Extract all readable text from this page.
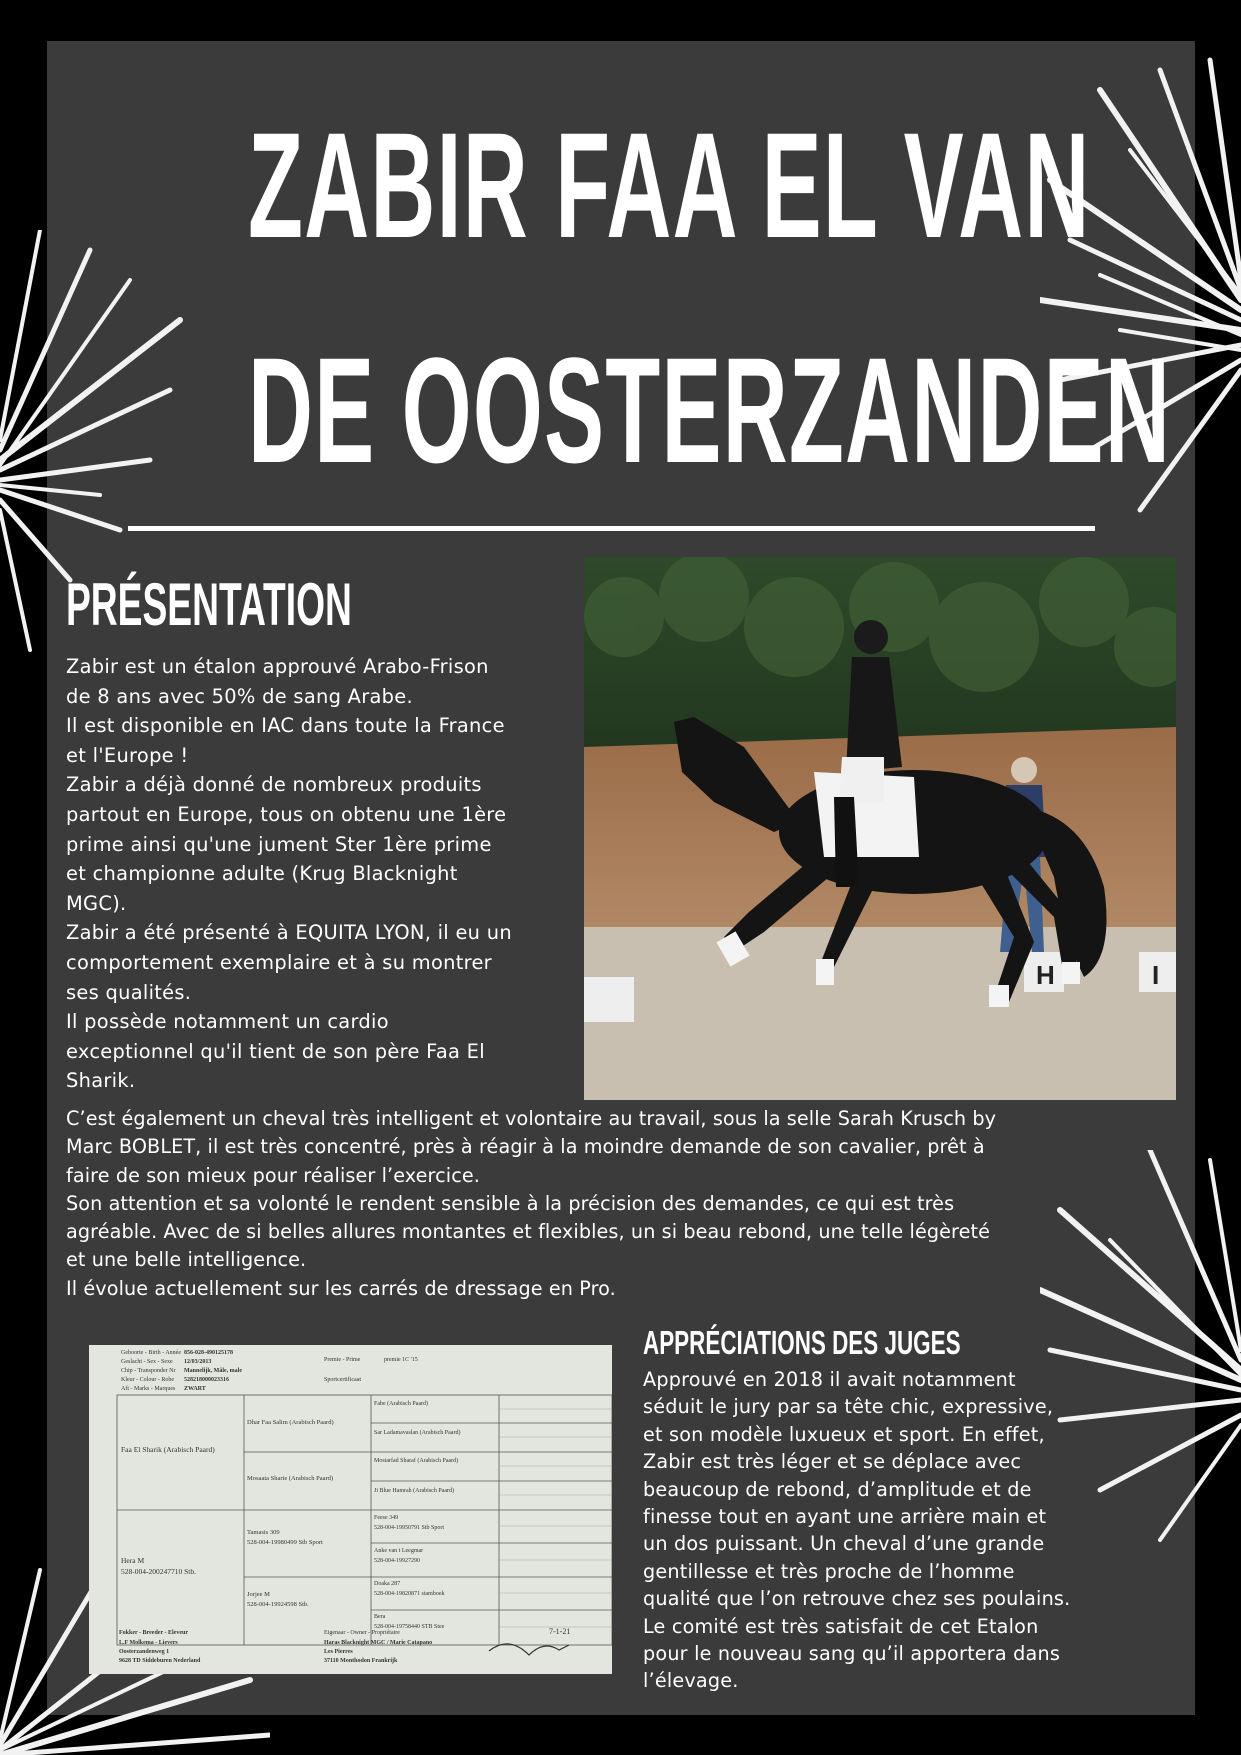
ZABIR FAA EL VAN
DE OOSTERZANDEN
PRÉSENTATION

Zabir est un étalon approuvé Arabo-Frison
de 8 ans avec 50% de sang Arabe.
Il est disponible en IAC dans toute la France
et l'Europe !
Zabir a déjà donné de nombreux produits
partout en Europe, tous on obtenu une 1ère
prime ainsi qu'une jument Ster 1ère prime
et championne adulte (Krug Blacknight
MGC).
Zabir a été présenté à EQUITA LYON, il eu un
comportement exemplaire et à su montrer
ses qualités.
Il possède notamment un cardio
exceptionnel qu'il tient de son père Faa El
Sharik.

H	I

C’est également un cheval très intelligent et volontaire au travail, sous la selle Sarah Krusch by
Marc BOBLET, il est très concentré, près à réagir à la moindre demande de son cavalier, prêt à
faire de son mieux pour réaliser l’exercice.
Son attention et sa volonté le rendent sensible à la précision des demandes, ce qui est très
agréable. Avec de si belles allures montantes et flexibles, un si beau rebond, une telle légèreté
et une belle intelligence.
Il évolue actuellement sur les carrés de dressage en Pro.

Geboorte - Birth - Année
Geslacht - Sex - Sexe
Chip - Transponder Nr
Kleur - Colour - Robe
Aft - Marks - Marques
856-028-490125178
12/03/2013
Mannelijk, Mâle, male
528218000023316
ZWART
Premie - Prime	premie 1C '15
Sportcertificaat
Faa El Sharik (Arabisch Paard)
Hera M
528-004-200247710 Stb.
Dhar Faa Salim (Arabisch Paard)
Mosaata Sharie (Arabisch Paard)
Tamasis 309
528-004-19980499 Stb Sport
Jorjee M
528-004-19924598 Stb.
Fabe (Arabisch Paard)
Sar Ladamavaslan (Arabisch Paard)
Mostarfad Sharaf (Arabisch Paard)
Ji Blue Hamrah (Arabisch Paard)
Feese 349
528-004-19950791 Stb Sport
Anke van t Leegmar
528-004-19927290
Doaka 287
528-004-19820871 stamboek
Bera
528-004-19758440 STB Stee
Fokker - Breeder - Eleveur
L.F Molkema - Lievers
Oosterzandenweg 1
9628 TD Siddeburen Nederland
Eigenaar - Owner - Propriétaire
Haras Blacknight MGC / Marie Catapano
Les Pierres
37110 Monthodon Frankrijk
7-1-21
APPRÉCIATIONS DES JUGES

Approuvé en 2018 il avait notamment
séduit le jury par sa tête chic, expressive,
et son modèle luxueux et sport. En effet,
Zabir est très léger et se déplace avec
beaucoup de rebond, d’amplitude et de
finesse tout en ayant une arrière main et
un dos puissant. Un cheval d’une grande
gentillesse et très proche de l’homme
qualité que l’on retrouve chez ses poulains.
Le comité est très satisfait de cet Etalon
pour le nouveau sang qu’il apportera dans
l’élevage.
